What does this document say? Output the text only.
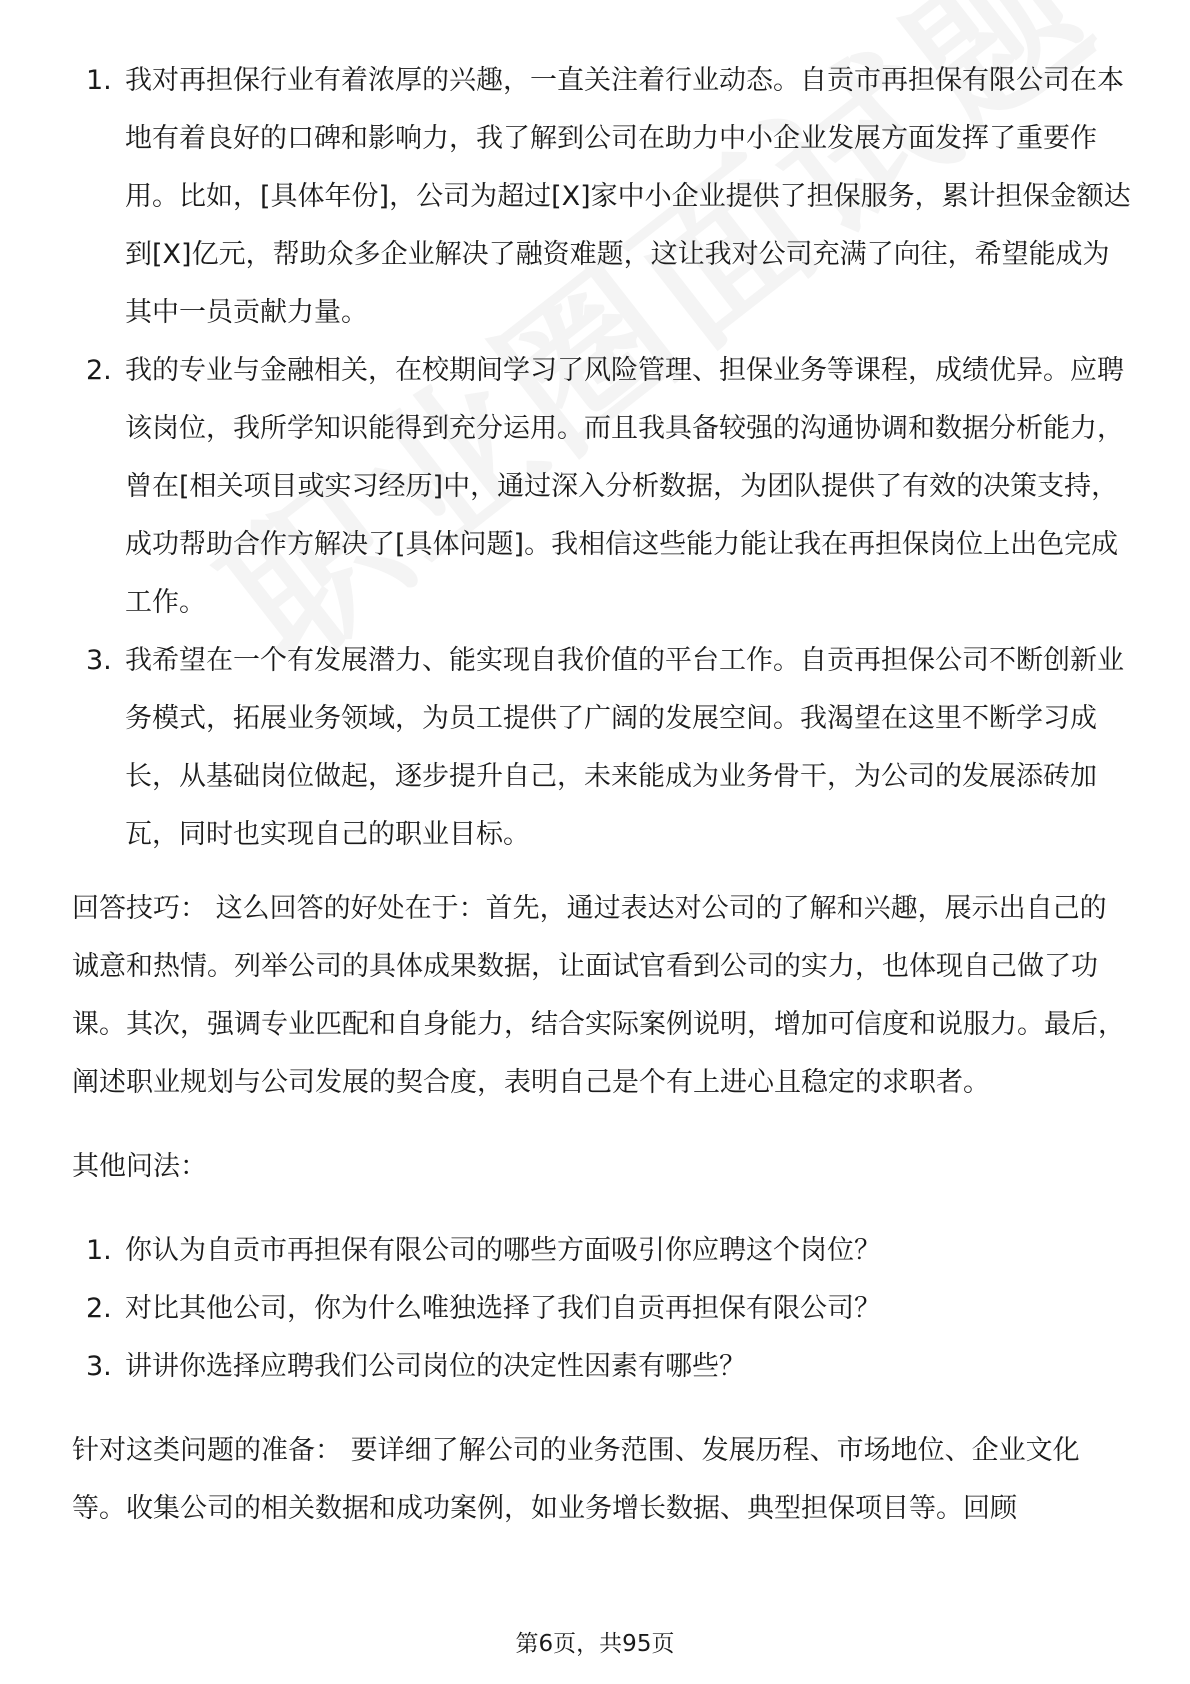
1. 我对再担保行业有着浓厚的兴趣，一直关注着行业动态。自贡市再担保有限公司在本地有着良好的口碑和影响力，我了解到公司在助力中小企业发展方面发挥了重要作用。比如，[具体年份]，公司为超过[X]家中小企业提供了担保服务，累计担保金额达到[X]亿元，帮助众多企业解决了融资难题，这让我对公司充满了向往，希望能成为其中一员贡献力量。
2. 我的专业与金融相关，在校期间学习了风险管理、担保业务等课程，成绩优异。应聘该岗位，我所学知识能得到充分运用。而且我具备较强的沟通协调和数据分析能力，曾在[相关项目或实习经历]中，通过深入分析数据，为团队提供了有效的决策支持，成功帮助合作方解决了[具体问题]。我相信这些能力能让我在再担保岗位上出色完成工作。
3. 我希望在一个有发展潜力、能实现自我价值的平台工作。自贡再担保公司不断创新业务模式，拓展业务领域，为员工提供了广阔的发展空间。我渴望在这里不断学习成长，从基础岗位做起，逐步提升自己，未来能成为业务骨干，为公司的发展添砖加瓦，同时也实现自己的职业目标。

回答技巧： 这么回答的好处在于：首先，通过表达对公司的了解和兴趣，展示出自己的诚意和热情。列举公司的具体成果数据，让面试官看到公司的实力，也体现自己做了功课。其次，强调专业匹配和自身能力，结合实际案例说明，增加可信度和说服力。最后，阐述职业规划与公司发展的契合度，表明自己是个有上进心且稳定的求职者。

其他问法：

1. 你认为自贡市再担保有限公司的哪些方面吸引你应聘这个岗位？
2. 对比其他公司，你为什么唯独选择了我们自贡再担保有限公司？
3. 讲讲你选择应聘我们公司岗位的决定性因素有哪些？

针对这类问题的准备： 要详细了解公司的业务范围、发展历程、市场地位、企业文化等。收集公司的相关数据和成功案例，如业务增长数据、典型担保项目等。回顾

第6页，共95页
